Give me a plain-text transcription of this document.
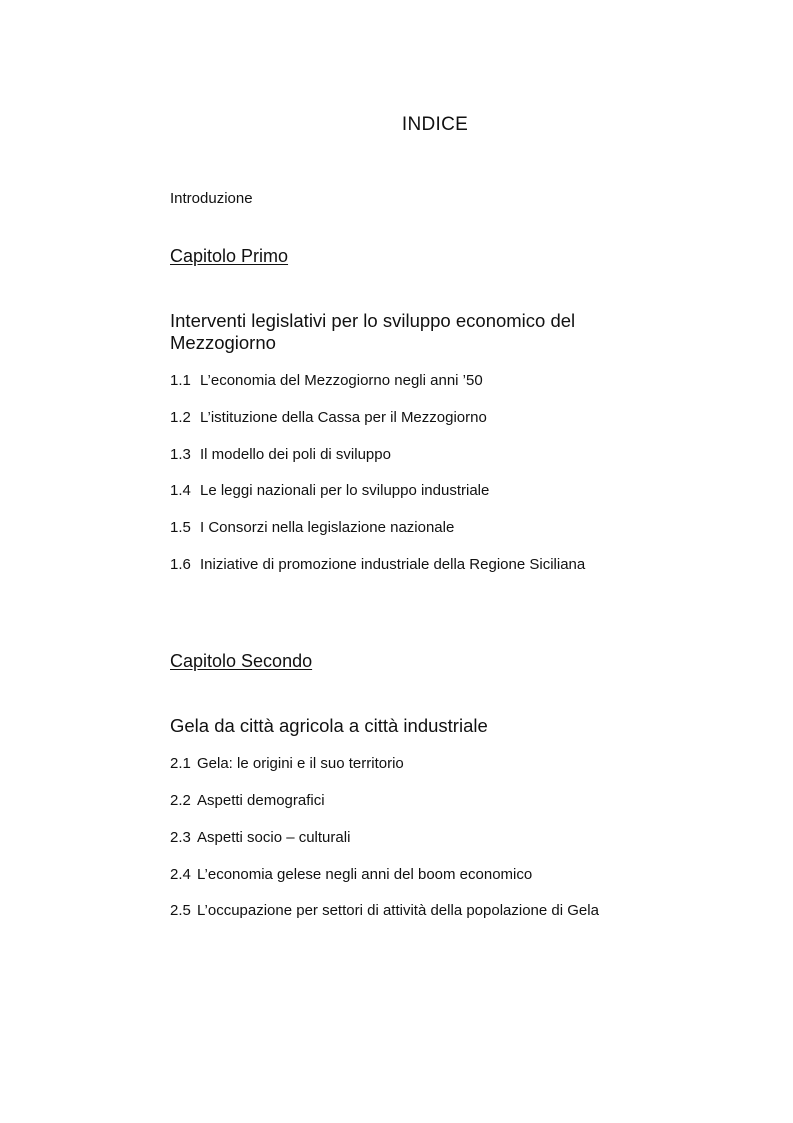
INDICE
Introduzione
Capitolo Primo
Interventi legislativi per lo sviluppo economico del Mezzogiorno
1.1 L’economia del Mezzogiorno negli anni ’50
1.2 L’istituzione della Cassa per il Mezzogiorno
1.3 Il modello dei poli di sviluppo
1.4 Le leggi nazionali per lo sviluppo industriale
1.5 I Consorzi nella legislazione nazionale
1.6 Iniziative di promozione industriale della Regione Siciliana
Capitolo Secondo
Gela da città agricola a città industriale
2.1 Gela: le origini e il suo territorio
2.2 Aspetti demografici
2.3 Aspetti socio – culturali
2.4 L’economia gelese negli anni del boom economico
2.5 L’occupazione per settori di attività della popolazione di Gela
